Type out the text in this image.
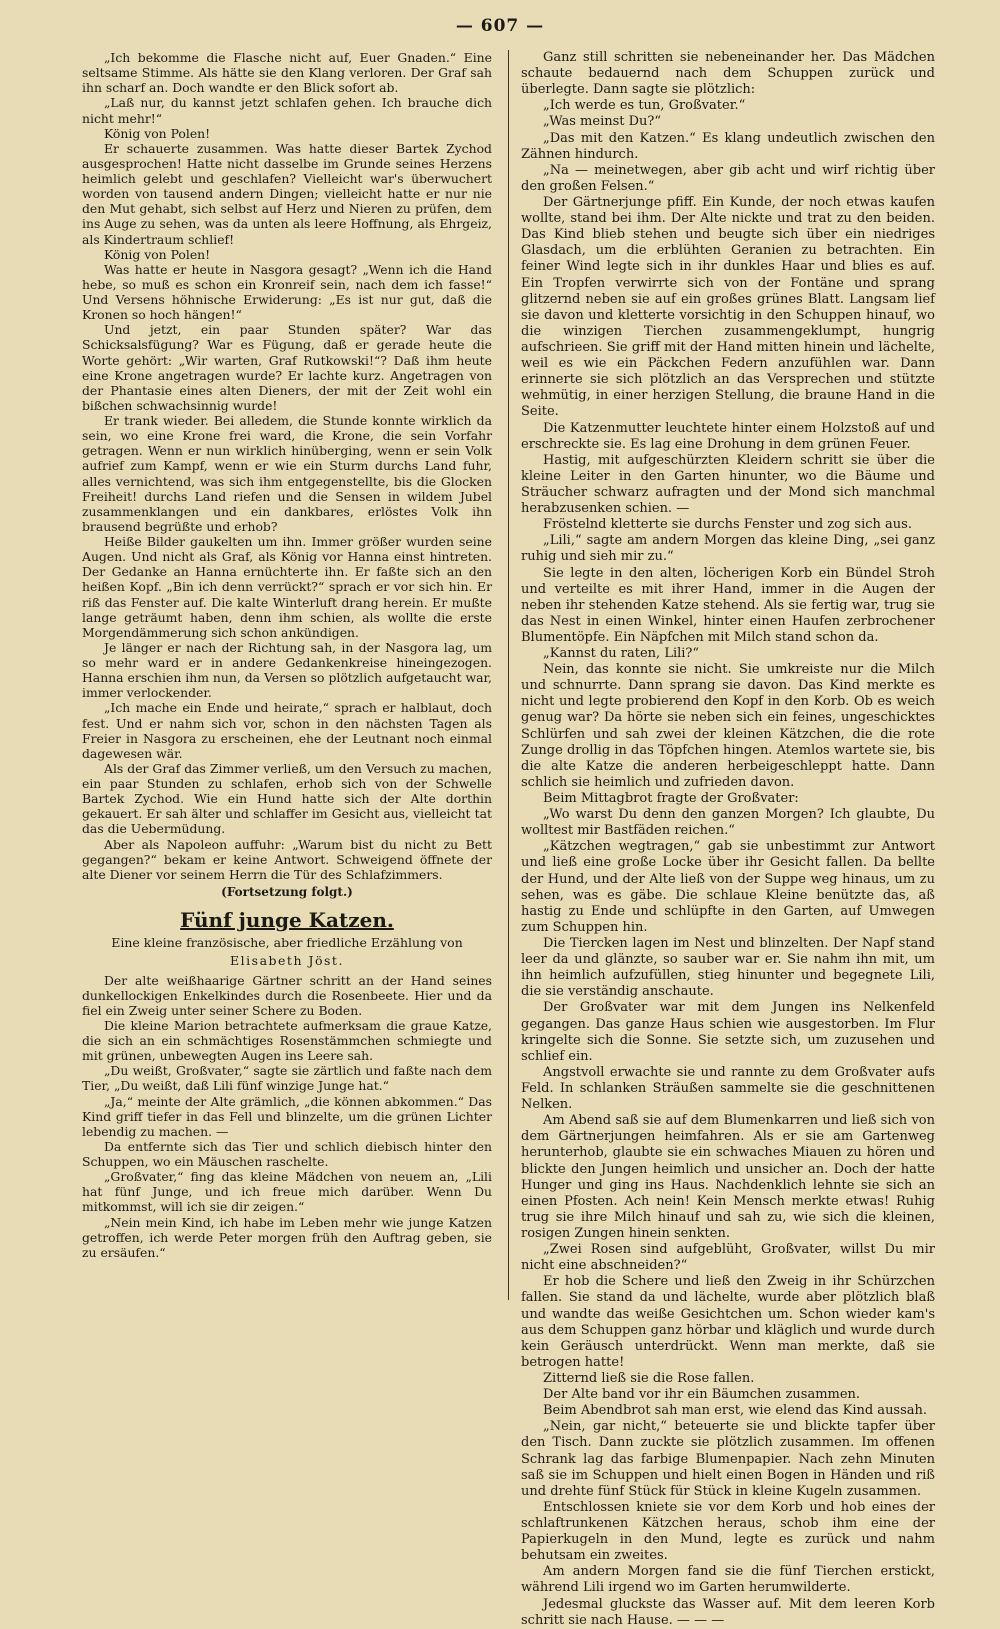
— 607 —

„Ich bekomme die Flasche nicht auf, Euer Gnaden.“ Eine seltsame Stimme. Als hätte sie den Klang verloren. Der Graf sah ihn scharf an. Doch wandte er den Blick sofort ab.

„Laß nur, du kannst jetzt schlafen gehen. Ich brauche dich nicht mehr!“

König von Polen!

Er schauerte zusammen. Was hatte dieser Bartek Zychod ausgesprochen! Hatte nicht dasselbe im Grunde seines Herzens heimlich gelebt und geschlafen? Vielleicht war's überwuchert worden von tausend andern Dingen; vielleicht hatte er nur nie den Mut gehabt, sich selbst auf Herz und Nieren zu prüfen, dem ins Auge zu sehen, was da unten als leere Hoffnung, als Ehrgeiz, als Kindertraum schlief!

König von Polen!

Was hatte er heute in Nasgora gesagt? „Wenn ich die Hand hebe, so muß es schon ein Kronreif sein, nach dem ich fasse!“ Und Versens höhnische Erwiderung: „Es ist nur gut, daß die Kronen so hoch hängen!“

Und jetzt, ein paar Stunden später? War das Schicksalsfügung? War es Fügung, daß er gerade heute die Worte gehört: „Wir warten, Graf Rutkowski!“? Daß ihm heute eine Krone angetragen wurde? Er lachte kurz. Angetragen von der Phantasie eines alten Dieners, der mit der Zeit wohl ein bißchen schwachsinnig wurde!

Er trank wieder. Bei alledem, die Stunde konnte wirklich da sein, wo eine Krone frei ward, die Krone, die sein Vorfahr getragen. Wenn er nun wirklich hinüberging, wenn er sein Volk aufrief zum Kampf, wenn er wie ein Sturm durchs Land fuhr, alles vernichtend, was sich ihm entgegenstellte, bis die Glocken Freiheit! durchs Land riefen und die Sensen in wildem Jubel zusammenklangen und ein dankbares, erlöstes Volk ihn brausend begrüßte und erhob?

Heiße Bilder gaukelten um ihn. Immer größer wurden seine Augen. Und nicht als Graf, als König vor Hanna einst hintreten. Der Gedanke an Hanna ernüchterte ihn. Er faßte sich an den heißen Kopf. „Bin ich denn verrückt?“ sprach er vor sich hin. Er riß das Fenster auf. Die kalte Winterluft drang herein. Er mußte lange geträumt haben, denn ihm schien, als wollte die erste Morgendämmerung sich schon ankündigen.

Je länger er nach der Richtung sah, in der Nasgora lag, um so mehr ward er in andere Gedankenkreise hineingezogen. Hanna erschien ihm nun, da Versen so plötzlich aufgetaucht war, immer verlockender.

„Ich mache ein Ende und heirate,“ sprach er halblaut, doch fest. Und er nahm sich vor, schon in den nächsten Tagen als Freier in Nasgora zu erscheinen, ehe der Leutnant noch einmal dagewesen wär.

Als der Graf das Zimmer verließ, um den Versuch zu machen, ein paar Stunden zu schlafen, erhob sich von der Schwelle Bartek Zychod. Wie ein Hund hatte sich der Alte dorthin gekauert. Er sah älter und schlaffer im Gesicht aus, vielleicht tat das die Uebermüdung.

Aber als Napoleon auffuhr: „Warum bist du nicht zu Bett gegangen?“ bekam er keine Antwort. Schweigend öffnete der alte Diener vor seinem Herrn die Tür des Schlafzimmers.

(Fortsetzung folgt.)

Fünf junge Katzen.

Eine kleine französische, aber friedliche Erzählung von

Elisabeth Jöst.

Der alte weißhaarige Gärtner schritt an der Hand seines dunkellockigen Enkelkindes durch die Rosenbeete. Hier und da fiel ein Zweig unter seiner Schere zu Boden.

Die kleine Marion betrachtete aufmerksam die graue Katze, die sich an ein schmächtiges Rosenstämmchen schmiegte und mit grünen, unbewegten Augen ins Leere sah.

„Du weißt, Großvater,“ sagte sie zärtlich und faßte nach dem Tier, „Du weißt, daß Lili fünf winzige Junge hat.“

„Ja,“ meinte der Alte grämlich, „die können abkommen.“ Das Kind griff tiefer in das Fell und blinzelte, um die grünen Lichter lebendig zu machen. —

Da entfernte sich das Tier und schlich diebisch hinter den Schuppen, wo ein Mäuschen raschelte.

„Großvater,“ fing das kleine Mädchen von neuem an, „Lili hat fünf Junge, und ich freue mich darüber. Wenn Du mitkommst, will ich sie dir zeigen.“

„Nein mein Kind, ich habe im Leben mehr wie junge Katzen getroffen, ich werde Peter morgen früh den Auftrag geben, sie zu ersäufen.“

Ganz still schritten sie nebeneinander her. Das Mädchen schaute bedauernd nach dem Schuppen zurück und überlegte. Dann sagte sie plötzlich:

„Ich werde es tun, Großvater.“

„Was meinst Du?“

„Das mit den Katzen.“ Es klang undeutlich zwischen den Zähnen hindurch.

„Na — meinetwegen, aber gib acht und wirf richtig über den großen Felsen.“

Der Gärtnerjunge pfiff. Ein Kunde, der noch etwas kaufen wollte, stand bei ihm. Der Alte nickte und trat zu den beiden. Das Kind blieb stehen und beugte sich über ein niedriges Glasdach, um die erblühten Geranien zu betrachten. Ein feiner Wind legte sich in ihr dunkles Haar und blies es auf. Ein Tropfen verwirrte sich von der Fontäne und sprang glitzernd neben sie auf ein großes grünes Blatt. Langsam lief sie davon und kletterte vorsichtig in den Schuppen hinauf, wo die winzigen Tierchen zusammengeklumpt, hungrig aufschrieen. Sie griff mit der Hand mitten hinein und lächelte, weil es wie ein Päckchen Federn anzufühlen war. Dann erinnerte sie sich plötzlich an das Versprechen und stützte wehmütig, in einer herzigen Stellung, die braune Hand in die Seite.

Die Katzenmutter leuchtete hinter einem Holzstoß auf und erschreckte sie. Es lag eine Drohung in dem grünen Feuer.

Hastig, mit aufgeschürzten Kleidern schritt sie über die kleine Leiter in den Garten hinunter, wo die Bäume und Sträucher schwarz aufragten und der Mond sich manchmal herabzusenken schien. —

Fröstelnd kletterte sie durchs Fenster und zog sich aus.

„Lili,“ sagte am andern Morgen das kleine Ding, „sei ganz ruhig und sieh mir zu.“

Sie legte in den alten, löcherigen Korb ein Bündel Stroh und verteilte es mit ihrer Hand, immer in die Augen der neben ihr stehenden Katze stehend. Als sie fertig war, trug sie das Nest in einen Winkel, hinter einen Haufen zerbrochener Blumentöpfe. Ein Näpfchen mit Milch stand schon da.

„Kannst du raten, Lili?“

Nein, das konnte sie nicht. Sie umkreiste nur die Milch und schnurrte. Dann sprang sie davon. Das Kind merkte es nicht und legte probierend den Kopf in den Korb. Ob es weich genug war? Da hörte sie neben sich ein feines, ungeschicktes Schlürfen und sah zwei der kleinen Kätzchen, die die rote Zunge drollig in das Töpfchen hingen. Atemlos wartete sie, bis die alte Katze die anderen herbeigeschleppt hatte. Dann schlich sie heimlich und zufrieden davon.

Beim Mittagbrot fragte der Großvater:

„Wo warst Du denn den ganzen Morgen? Ich glaubte, Du wolltest mir Bastfäden reichen.“

„Kätzchen wegtragen,“ gab sie unbestimmt zur Antwort und ließ eine große Locke über ihr Gesicht fallen. Da bellte der Hund, und der Alte ließ von der Suppe weg hinaus, um zu sehen, was es gäbe. Die schlaue Kleine benützte das, aß hastig zu Ende und schlüpfte in den Garten, auf Umwegen zum Schuppen hin.

Die Tiercken lagen im Nest und blinzelten. Der Napf stand leer da und glänzte, so sauber war er. Sie nahm ihn mit, um ihn heimlich aufzufüllen, stieg hinunter und begegnete Lili, die sie verständig anschaute.

Der Großvater war mit dem Jungen ins Nelkenfeld gegangen. Das ganze Haus schien wie ausgestorben. Im Flur kringelte sich die Sonne. Sie setzte sich, um zuzusehen und schlief ein.

Angstvoll erwachte sie und rannte zu dem Großvater aufs Feld. In schlanken Sträußen sammelte sie die geschnittenen Nelken.

Am Abend saß sie auf dem Blumenkarren und ließ sich von dem Gärtnerjungen heimfahren. Als er sie am Gartenweg herunterhob, glaubte sie ein schwaches Miauen zu hören und blickte den Jungen heimlich und unsicher an. Doch der hatte Hunger und ging ins Haus. Nachdenklich lehnte sie sich an einen Pfosten. Ach nein! Kein Mensch merkte etwas! Ruhig trug sie ihre Milch hinauf und sah zu, wie sich die kleinen, rosigen Zungen hinein senkten.

„Zwei Rosen sind aufgeblüht, Großvater, willst Du mir nicht eine abschneiden?“

Er hob die Schere und ließ den Zweig in ihr Schürzchen fallen. Sie stand da und lächelte, wurde aber plötzlich blaß und wandte das weiße Gesichtchen um. Schon wieder kam's aus dem Schuppen ganz hörbar und kläglich und wurde durch kein Geräusch unterdrückt. Wenn man merkte, daß sie betrogen hatte!

Zitternd ließ sie die Rose fallen.

Der Alte band vor ihr ein Bäumchen zusammen.

Beim Abendbrot sah man erst, wie elend das Kind aussah.

„Nein, gar nicht,“ beteuerte sie und blickte tapfer über den Tisch. Dann zuckte sie plötzlich zusammen. Im offenen Schrank lag das farbige Blumenpapier. Nach zehn Minuten saß sie im Schuppen und hielt einen Bogen in Händen und riß und drehte fünf Stück für Stück in kleine Kugeln zusammen.

Entschlossen kniete sie vor dem Korb und hob eines der schlaftrunkenen Kätzchen heraus, schob ihm eine der Papierkugeln in den Mund, legte es zurück und nahm behutsam ein zweites.

Am andern Morgen fand sie die fünf Tierchen erstickt, während Lili irgend wo im Garten herumwilderte.

Jedesmal gluckste das Wasser auf. Mit dem leeren Korb schritt sie nach Hause. — — —
